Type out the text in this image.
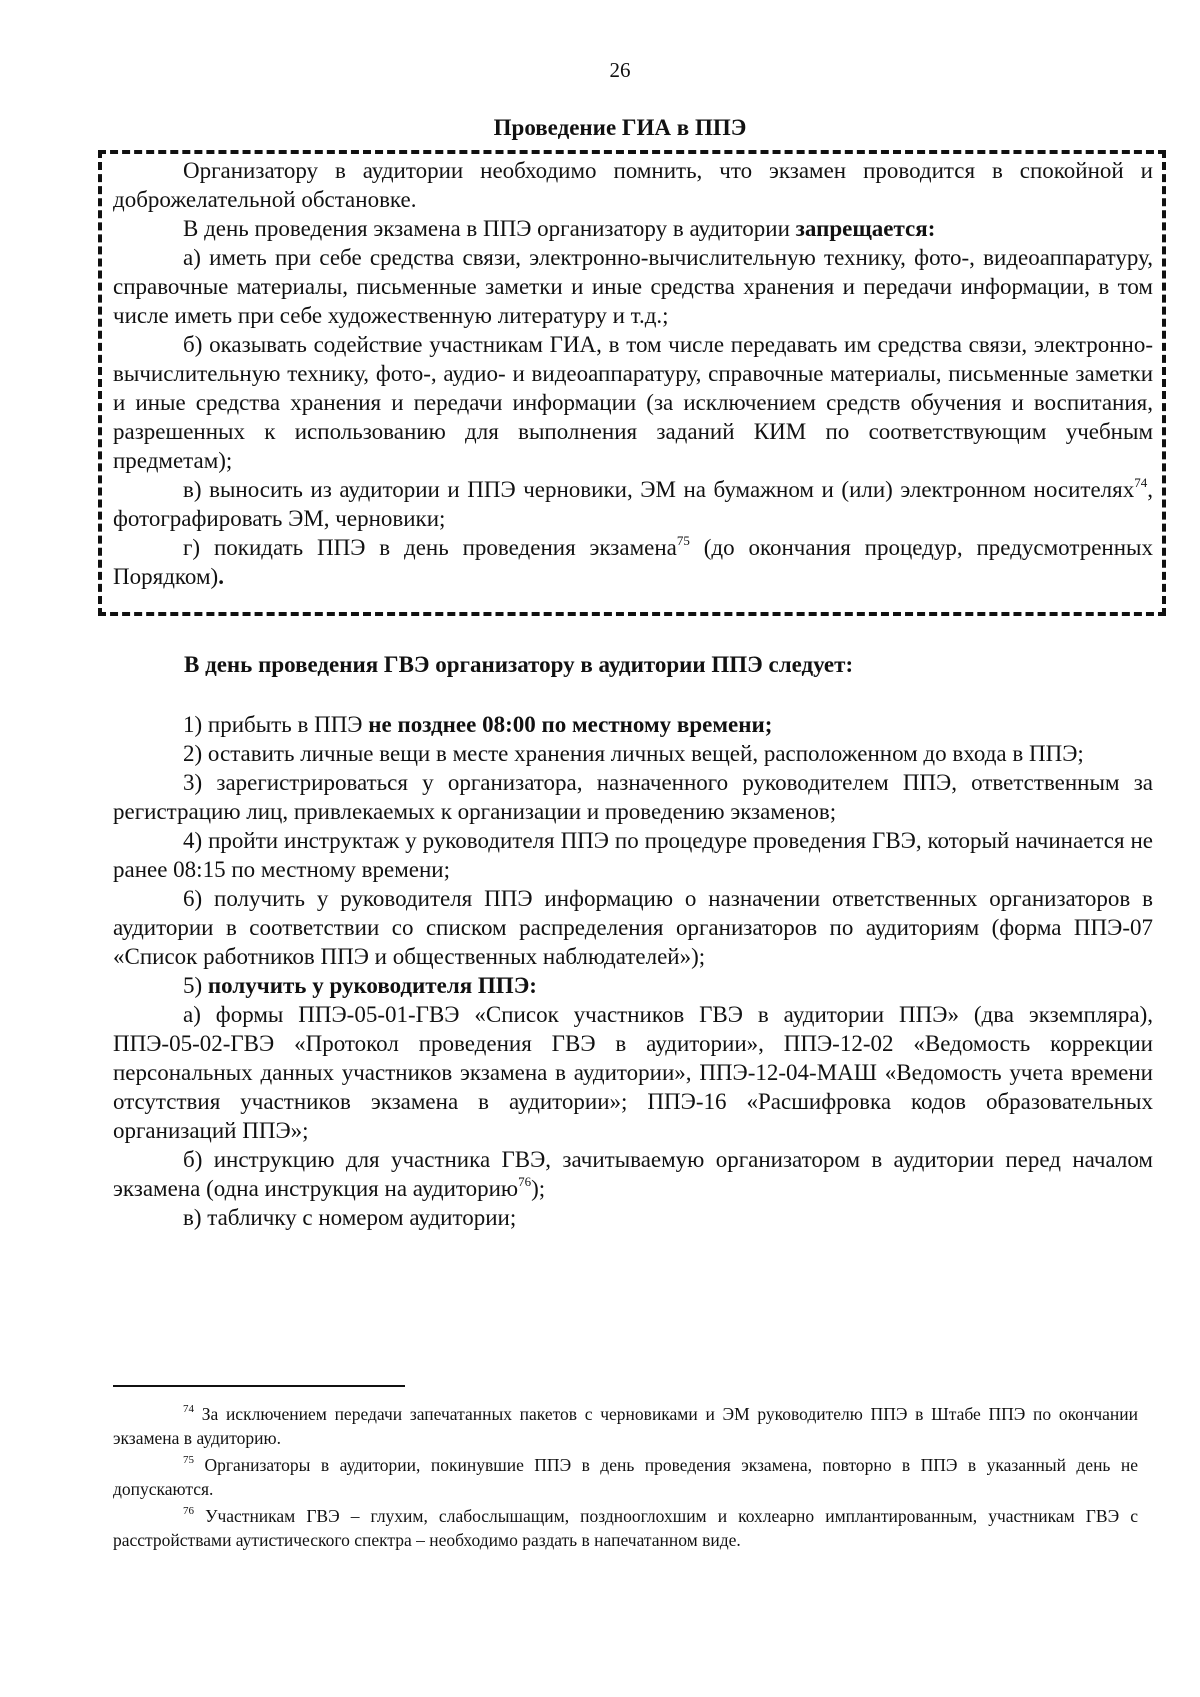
26
Проведение ГИА в ППЭ

Организатору в аудитории необходимо помнить, что экзамен проводится в спокойной и доброжелательной обстановке.

В день проведения экзамена в ППЭ организатору в аудитории запрещается:

а) иметь при себе средства связи, электронно-вычислительную технику, фото-, видеоаппаратуру, справочные материалы, письменные заметки и иные средства хранения и передачи информации, в том числе иметь при себе художественную литературу и т.д.;

б) оказывать содействие участникам ГИА, в том числе передавать им средства связи, электронно-вычислительную технику, фото-, аудио- и видеоаппаратуру, справочные материалы, письменные заметки и иные средства хранения и передачи информации (за исключением средств обучения и воспитания, разрешенных к использованию для выполнения заданий КИМ по соответствующим учебным предметам);

в) выносить из аудитории и ППЭ черновики, ЭМ на бумажном и (или) электронном носителях$^{74}$, фотографировать ЭМ, черновики;

г) покидать ППЭ в день проведения экзамена$^{75}$ (до окончания процедур, предусмотренных Порядком).

В день проведения ГВЭ организатору в аудитории ППЭ следует:

1) прибыть в ППЭ не позднее 08:00 по местному времени;

2) оставить личные вещи в месте хранения личных вещей, расположенном до входа в ППЭ;

3) зарегистрироваться у организатора, назначенного руководителем ППЭ, ответственным за регистрацию лиц, привлекаемых к организации и проведению экзаменов;

4) пройти инструктаж у руководителя ППЭ по процедуре проведения ГВЭ, который начинается не ранее 08:15 по местному времени;

6) получить у руководителя ППЭ информацию о назначении ответственных организаторов в аудитории в соответствии со списком распределения организаторов по аудиториям (форма ППЭ-07 «Список работников ППЭ и общественных наблюдателей»);

5) получить у руководителя ППЭ:

а) формы ППЭ-05-01-ГВЭ «Список участников ГВЭ в аудитории ППЭ» (два экземпляра), ППЭ-05-02-ГВЭ «Протокол проведения ГВЭ в аудитории», ППЭ-12-02 «Ведомость коррекции персональных данных участников экзамена в аудитории», ППЭ-12-04-МАШ «Ведомость учета времени отсутствия участников экзамена в аудитории»; ППЭ-16 «Расшифровка кодов образовательных организаций ППЭ»;

б) инструкцию для участника ГВЭ, зачитываемую организатором в аудитории перед началом экзамена (одна инструкция на аудиторию$^{76}$);

в) табличку с номером аудитории;

$^{74}$ За исключением передачи запечатанных пакетов с черновиками и ЭМ руководителю ППЭ в Штабе ППЭ по окончании экзамена в аудиторию.

$^{75}$ Организаторы в аудитории, покинувшие ППЭ в день проведения экзамена, повторно в ППЭ в указанный день не допускаются.

$^{76}$ Участникам ГВЭ – глухим, слабослышащим, позднооглохшим и кохлеарно имплантированным, участникам ГВЭ с расстройствами аутистического спектра – необходимо раздать в напечатанном виде.
